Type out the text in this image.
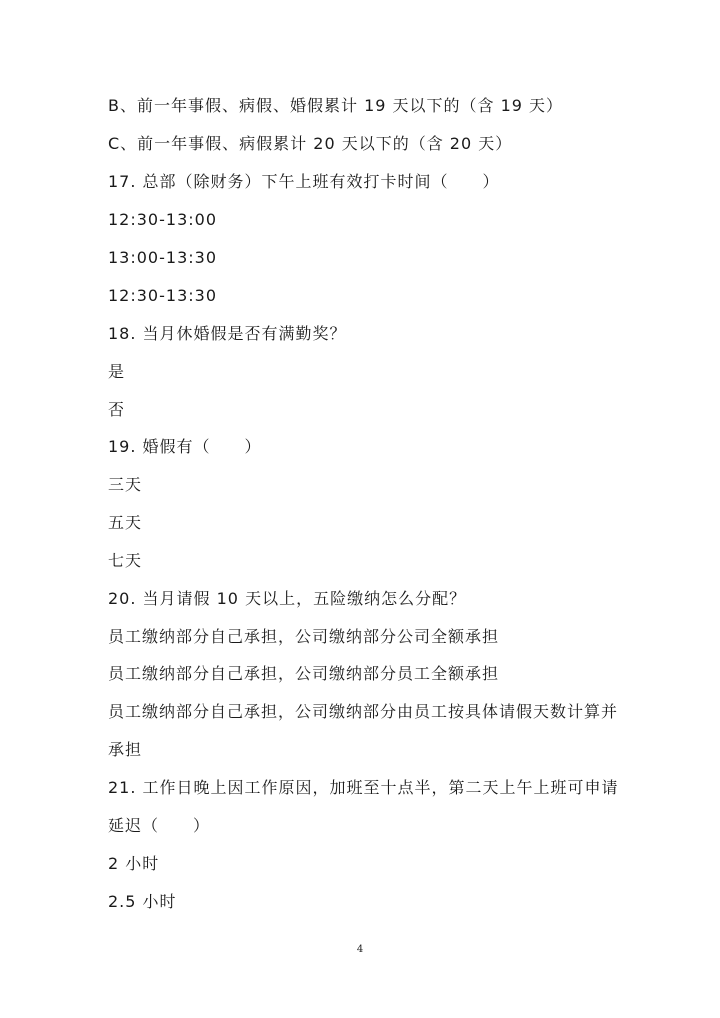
B、前一年事假、病假、婚假累计 19 天以下的（含 19 天）
C、前一年事假、病假累计 20 天以下的（含 20 天）
17. 总部（除财务）下午上班有效打卡时间（　　）
12:30-13:00
13:00-13:30
12:30-13:30
18. 当月休婚假是否有满勤奖？
是
否
19. 婚假有（　　）
三天
五天
七天
20. 当月请假 10 天以上，五险缴纳怎么分配？
员工缴纳部分自己承担，公司缴纳部分公司全额承担
员工缴纳部分自己承担，公司缴纳部分员工全额承担
员工缴纳部分自己承担，公司缴纳部分由员工按具体请假天数计算并
承担
21. 工作日晚上因工作原因，加班至十点半，第二天上午上班可申请
延迟（　　）
2 小时
2.5 小时
4
